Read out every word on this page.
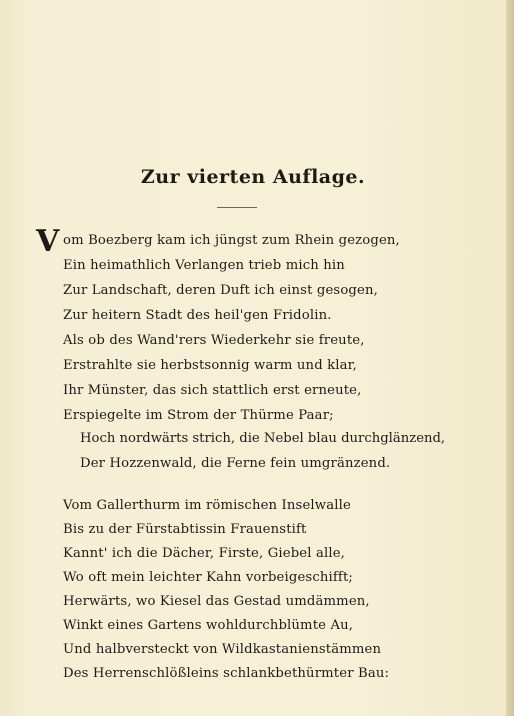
Zur vierten Auflage.
V om Boezberg kam ich jüngst zum Rhein gezogen,
Ein heimathlich Verlangen trieb mich hin
Zur Landschaft, deren Duft ich einst gesogen,
Zur heitern Stadt des heil'gen Fridolin.
Als ob des Wand'rers Wiederkehr sie freute,
Erstrahlte sie herbstsonnig warm und klar,
Ihr Münster, das sich stattlich erst erneute,
Erspiegelte im Strom der Thürme Paar;
Hoch nordwärts strich, die Nebel blau durchglänzend,
Der Hozzenwald, die Ferne fein umgränzend.
Vom Gallerthurm im römischen Inselwalle
Bis zu der Fürstabtissin Frauenstift
Kannt' ich die Dächer, Firste, Giebel alle,
Wo oft mein leichter Kahn vorbeigeschifft;
Herwärts, wo Kiesel das Gestad umdämmen,
Winkt eines Gartens wohldurchblümte Au,
Und halbversteckt von Wildkastanienstämmen
Des Herrenschlößleins schlankbethürmter Bau:
